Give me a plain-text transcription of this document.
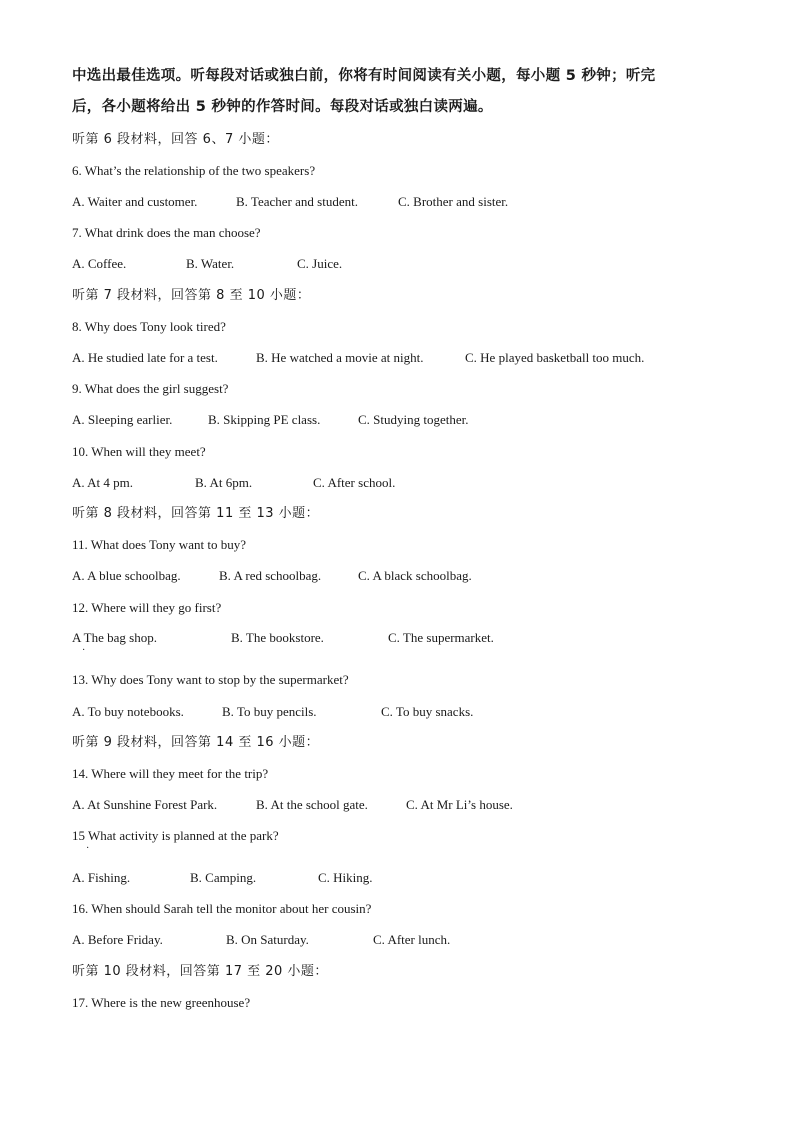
中选出最佳选项。听每段对话或独白前，你将有时间阅读有关小题，每小题 5 秒钟；听完
后，各小题将给出 5 秒钟的作答时间。每段对话或独白读两遍。
听第 6 段材料，回答 6、7 小题：
6. What’s the relationship of the two speakers?
A. Waiter and customer.	B. Teacher and student.	C. Brother and sister.
7. What drink does the man choose?
A. Coffee.	B. Water.	C. Juice.
听第 7 段材料，回答第 8 至 10 小题：
8. Why does Tony look tired?
A. He studied late for a test.	B. He watched a movie at night.	C. He played basketball too much.
9. What does the girl suggest?
A. Sleeping earlier.	B. Skipping PE class.	C. Studying together.
10. When will they meet?
A. At 4 pm.	B. At 6pm.	C. After school.
听第 8 段材料，回答第 11 至 13 小题：
11. What does Tony want to buy?
A. A blue schoolbag.	B. A red schoolbag.	C. A black schoolbag.
12. Where will they go first?
A The bag shop.	B. The bookstore.	C. The supermarket.
·
13. Why does Tony want to stop by the supermarket?
A. To buy notebooks.	B. To buy pencils.	C. To buy snacks.
听第 9 段材料，回答第 14 至 16 小题：
14. Where will they meet for the trip?
A. At Sunshine Forest Park.	B. At the school gate.	C. At Mr Li’s house.
15 What activity is planned at the park?
·
A. Fishing.	B. Camping.	C. Hiking.
16. When should Sarah tell the monitor about her cousin?
A. Before Friday.	B. On Saturday.	C. After lunch.
听第 10 段材料，回答第 17 至 20 小题：
17. Where is the new greenhouse?
